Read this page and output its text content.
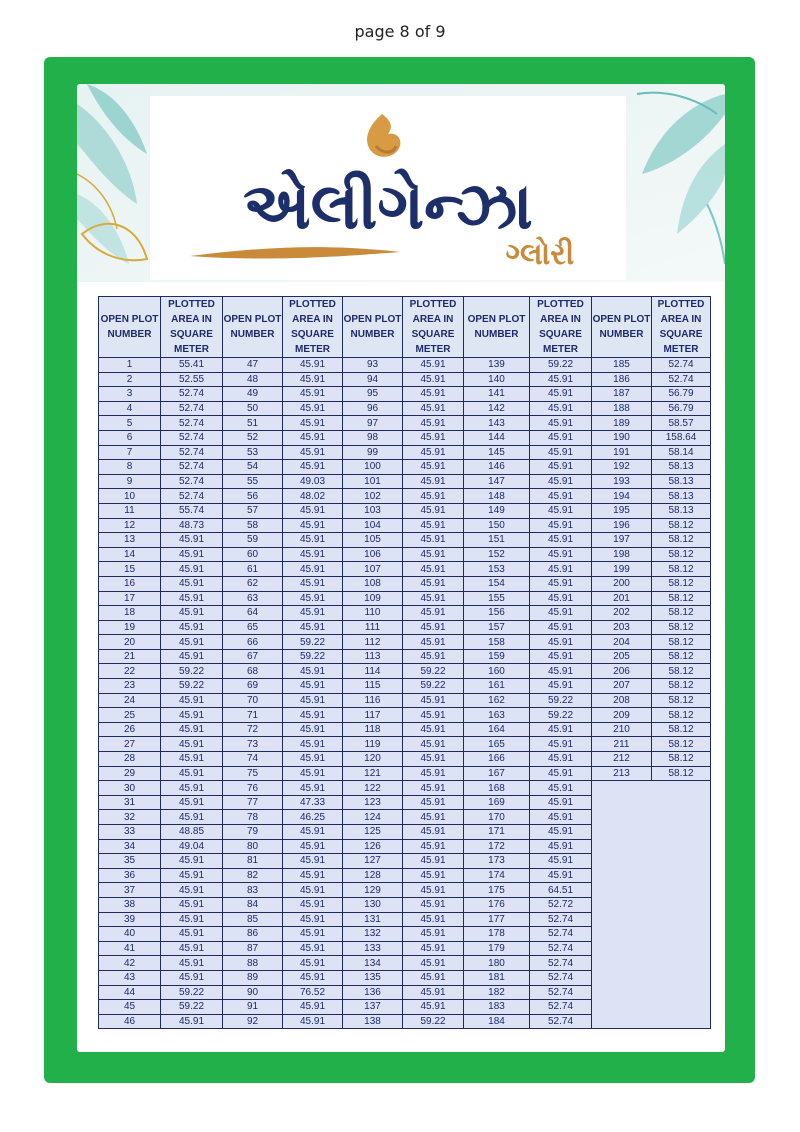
page 8 of 9
એલીગેન્ઝા
ગ્લોરી
OPEN PLOT NUMBER	PLOTTED AREA IN SQUARE METER	OPEN PLOT NUMBER	PLOTTED AREA IN SQUARE METER	OPEN PLOT NUMBER	PLOTTED AREA IN SQUARE METER	OPEN PLOT NUMBER	PLOTTED AREA IN SQUARE METER	OPEN PLOT NUMBER	PLOTTED AREA IN SQUARE METER
1	55.41	47	45.91	93	45.91	139	59.22	185	52.74
2	52.55	48	45.91	94	45.91	140	45.91	186	52.74
3	52.74	49	45.91	95	45.91	141	45.91	187	56.79
4	52.74	50	45.91	96	45.91	142	45.91	188	56.79
5	52.74	51	45.91	97	45.91	143	45.91	189	58.57
6	52.74	52	45.91	98	45.91	144	45.91	190	158.64
7	52.74	53	45.91	99	45.91	145	45.91	191	58.14
8	52.74	54	45.91	100	45.91	146	45.91	192	58.13
9	52.74	55	49.03	101	45.91	147	45.91	193	58.13
10	52.74	56	48.02	102	45.91	148	45.91	194	58.13
11	55.74	57	45.91	103	45.91	149	45.91	195	58.13
12	48.73	58	45.91	104	45.91	150	45.91	196	58.12
13	45.91	59	45.91	105	45.91	151	45.91	197	58.12
14	45.91	60	45.91	106	45.91	152	45.91	198	58.12
15	45.91	61	45.91	107	45.91	153	45.91	199	58.12
16	45.91	62	45.91	108	45.91	154	45.91	200	58.12
17	45.91	63	45.91	109	45.91	155	45.91	201	58.12
18	45.91	64	45.91	110	45.91	156	45.91	202	58.12
19	45.91	65	45.91	111	45.91	157	45.91	203	58.12
20	45.91	66	59.22	112	45.91	158	45.91	204	58.12
21	45.91	67	59.22	113	45.91	159	45.91	205	58.12
22	59.22	68	45.91	114	59.22	160	45.91	206	58.12
23	59.22	69	45.91	115	59.22	161	45.91	207	58.12
24	45.91	70	45.91	116	45.91	162	59.22	208	58.12
25	45.91	71	45.91	117	45.91	163	59.22	209	58.12
26	45.91	72	45.91	118	45.91	164	45.91	210	58.12
27	45.91	73	45.91	119	45.91	165	45.91	211	58.12
28	45.91	74	45.91	120	45.91	166	45.91	212	58.12
29	45.91	75	45.91	121	45.91	167	45.91	213	58.12
30	45.91	76	45.91	122	45.91	168	45.91		
31	45.91	77	47.33	123	45.91	169	45.91		
32	45.91	78	46.25	124	45.91	170	45.91		
33	48.85	79	45.91	125	45.91	171	45.91		
34	49.04	80	45.91	126	45.91	172	45.91		
35	45.91	81	45.91	127	45.91	173	45.91		
36	45.91	82	45.91	128	45.91	174	45.91		
37	45.91	83	45.91	129	45.91	175	64.51		
38	45.91	84	45.91	130	45.91	176	52.72		
39	45.91	85	45.91	131	45.91	177	52.74		
40	45.91	86	45.91	132	45.91	178	52.74		
41	45.91	87	45.91	133	45.91	179	52.74		
42	45.91	88	45.91	134	45.91	180	52.74		
43	45.91	89	45.91	135	45.91	181	52.74		
44	59.22	90	76.52	136	45.91	182	52.74		
45	59.22	91	45.91	137	45.91	183	52.74		
46	45.91	92	45.91	138	59.22	184	52.74		
